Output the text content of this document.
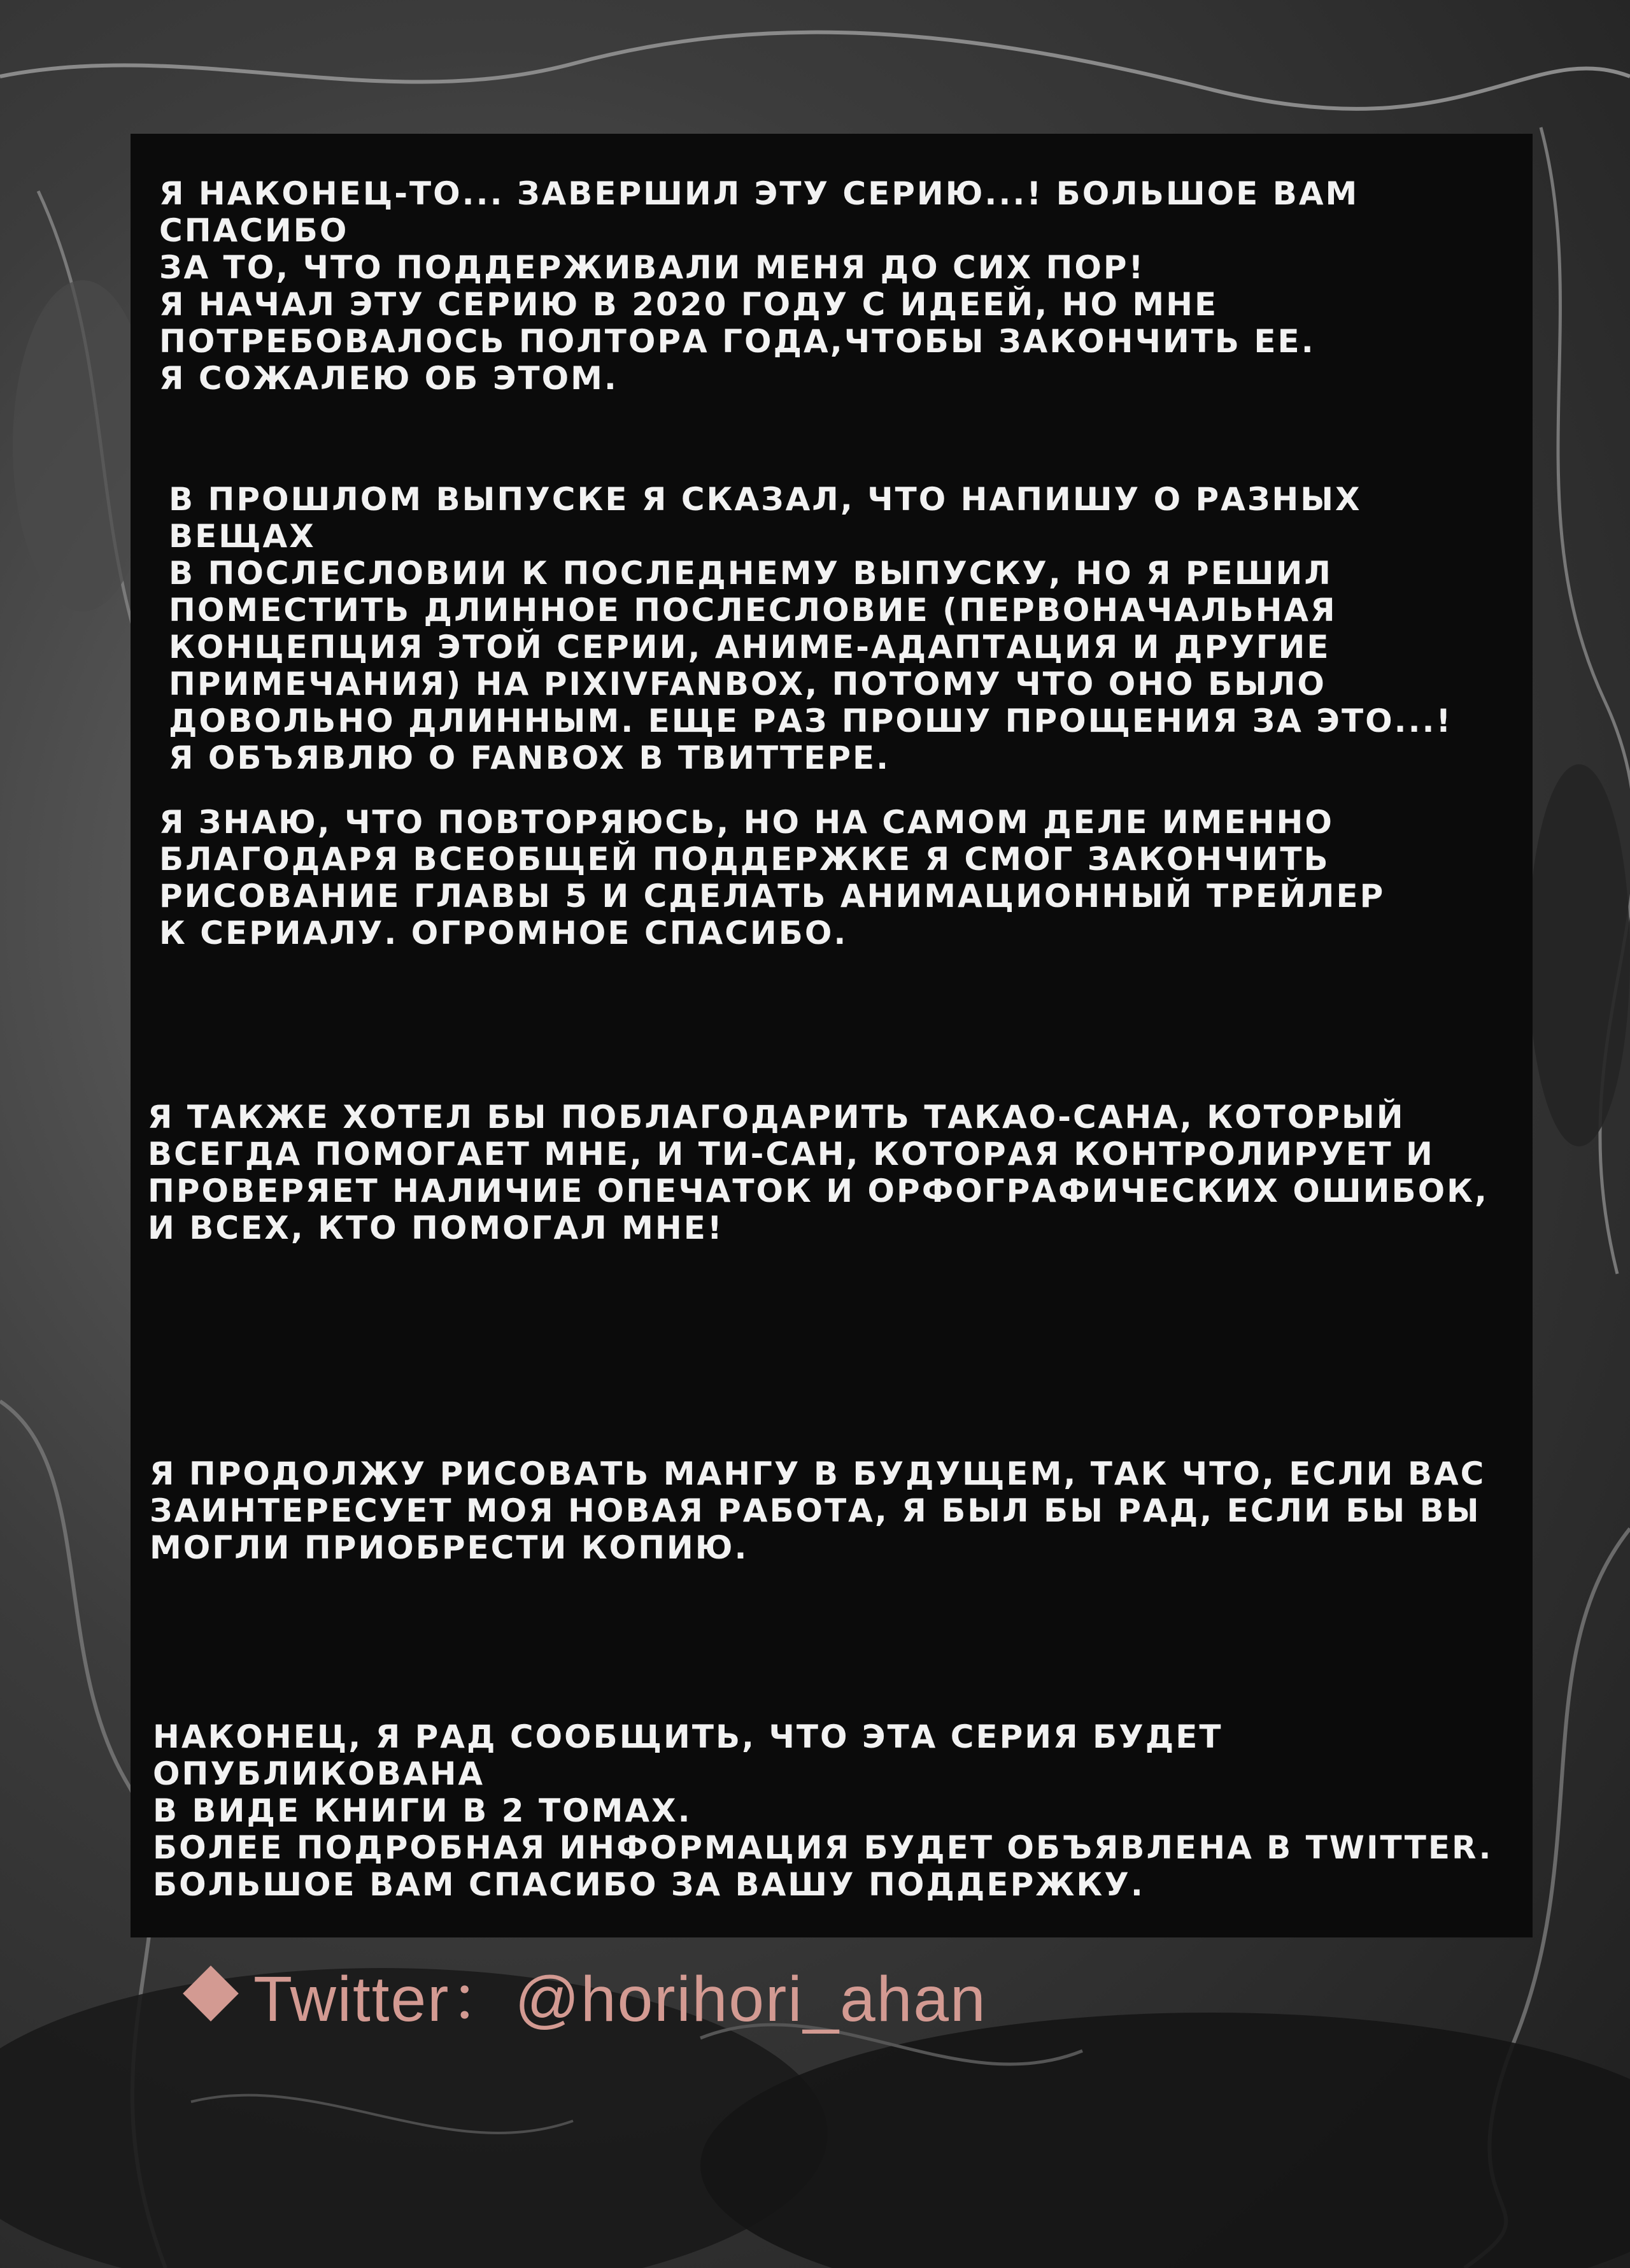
Я НАКОНЕЦ-ТО... ЗАВЕРШИЛ ЭТУ СЕРИЮ...! БОЛЬШОЕ ВАМ СПАСИБО
ЗА ТО, ЧТО ПОДДЕРЖИВАЛИ МЕНЯ ДО СИХ ПОР!
Я НАЧАЛ ЭТУ СЕРИЮ В 2020 ГОДУ С ИДЕЕЙ, НО МНЕ
ПОТРЕБОВАЛОСЬ ПОЛТОРА ГОДА,ЧТОБЫ ЗАКОНЧИТЬ ЕЕ.
Я СОЖАЛЕЮ ОБ ЭТОМ.

В ПРОШЛОМ ВЫПУСКЕ Я СКАЗАЛ, ЧТО НАПИШУ О РАЗНЫХ ВЕЩАХ
В ПОСЛЕСЛОВИИ К ПОСЛЕДНЕМУ ВЫПУСКУ, НО Я РЕШИЛ
ПОМЕСТИТЬ ДЛИННОЕ ПОСЛЕСЛОВИЕ (ПЕРВОНАЧАЛЬНАЯ
КОНЦЕПЦИЯ ЭТОЙ СЕРИИ, АНИМЕ-АДАПТАЦИЯ И ДРУГИЕ
ПРИМЕЧАНИЯ) НА PIXIVFANBOX, ПОТОМУ ЧТО ОНО БЫЛО
ДОВОЛЬНО ДЛИННЫМ. ЕЩЕ РАЗ ПРОШУ ПРОЩЕНИЯ ЗА ЭТО...!
Я ОБЪЯВЛЮ О FANBOX В ТВИТТЕРЕ.

Я ЗНАЮ, ЧТО ПОВТОРЯЮСЬ, НО НА САМОМ ДЕЛЕ ИМЕННО
БЛАГОДАРЯ ВСЕОБЩЕЙ ПОДДЕРЖКЕ Я СМОГ ЗАКОНЧИТЬ
РИСОВАНИЕ ГЛАВЫ 5 И СДЕЛАТЬ АНИМАЦИОННЫЙ ТРЕЙЛЕР
К СЕРИАЛУ. ОГРОМНОЕ СПАСИБО.

Я ТАКЖЕ ХОТЕЛ БЫ ПОБЛАГОДАРИТЬ ТАКАО-САНА, КОТОРЫЙ
ВСЕГДА ПОМОГАЕТ МНЕ, И ТИ-САН, КОТОРАЯ КОНТРОЛИРУЕТ И
ПРОВЕРЯЕТ НАЛИЧИЕ ОПЕЧАТОК И ОРФОГРАФИЧЕСКИХ ОШИБОК,
И ВСЕХ, КТО ПОМОГАЛ МНЕ!

Я ПРОДОЛЖУ РИСОВАТЬ МАНГУ В БУДУЩЕМ, ТАК ЧТО, ЕСЛИ ВАС
ЗАИНТЕРЕСУЕТ МОЯ НОВАЯ РАБОТА, Я БЫЛ БЫ РАД, ЕСЛИ БЫ ВЫ
МОГЛИ ПРИОБРЕСТИ КОПИЮ.

НАКОНЕЦ, Я РАД СООБЩИТЬ, ЧТО ЭТА СЕРИЯ БУДЕТ ОПУБЛИКОВАНА
В ВИДЕ КНИГИ В 2 ТОМАХ.
БОЛЕЕ ПОДРОБНАЯ ИНФОРМАЦИЯ БУДЕТ ОБЪЯВЛЕНА В TWITTER.
БОЛЬШОЕ ВАМ СПАСИБО ЗА ВАШУ ПОДДЕРЖКУ.

Twitter：@horihori_ahan
